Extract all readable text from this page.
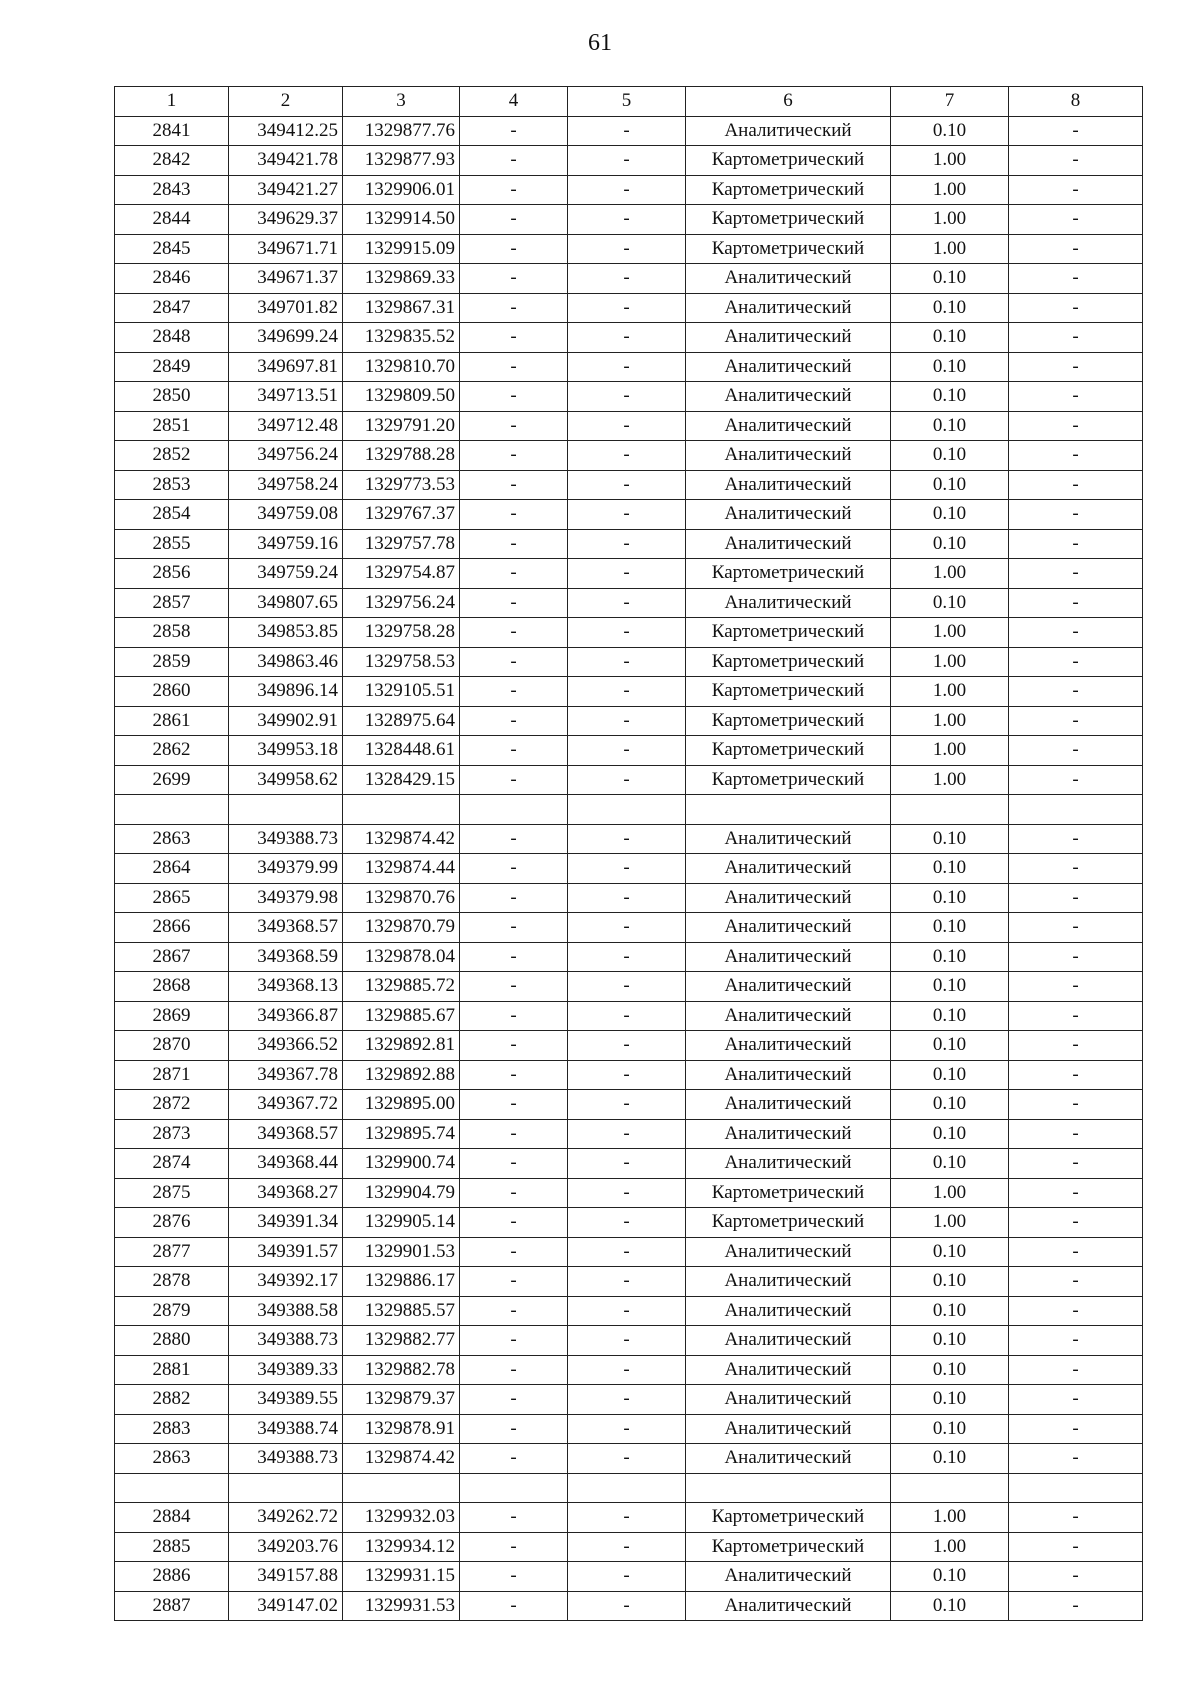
61
1	2	3	4	5	6	7	8
2841	349412.25	1329877.76	-	-	Аналитический	0.10	-
2842	349421.78	1329877.93	-	-	Картометрический	1.00	-
2843	349421.27	1329906.01	-	-	Картометрический	1.00	-
2844	349629.37	1329914.50	-	-	Картометрический	1.00	-
2845	349671.71	1329915.09	-	-	Картометрический	1.00	-
2846	349671.37	1329869.33	-	-	Аналитический	0.10	-
2847	349701.82	1329867.31	-	-	Аналитический	0.10	-
2848	349699.24	1329835.52	-	-	Аналитический	0.10	-
2849	349697.81	1329810.70	-	-	Аналитический	0.10	-
2850	349713.51	1329809.50	-	-	Аналитический	0.10	-
2851	349712.48	1329791.20	-	-	Аналитический	0.10	-
2852	349756.24	1329788.28	-	-	Аналитический	0.10	-
2853	349758.24	1329773.53	-	-	Аналитический	0.10	-
2854	349759.08	1329767.37	-	-	Аналитический	0.10	-
2855	349759.16	1329757.78	-	-	Аналитический	0.10	-
2856	349759.24	1329754.87	-	-	Картометрический	1.00	-
2857	349807.65	1329756.24	-	-	Аналитический	0.10	-
2858	349853.85	1329758.28	-	-	Картометрический	1.00	-
2859	349863.46	1329758.53	-	-	Картометрический	1.00	-
2860	349896.14	1329105.51	-	-	Картометрический	1.00	-
2861	349902.91	1328975.64	-	-	Картометрический	1.00	-
2862	349953.18	1328448.61	-	-	Картометрический	1.00	-
2699	349958.62	1328429.15	-	-	Картометрический	1.00	-

2863	349388.73	1329874.42	-	-	Аналитический	0.10	-
2864	349379.99	1329874.44	-	-	Аналитический	0.10	-
2865	349379.98	1329870.76	-	-	Аналитический	0.10	-
2866	349368.57	1329870.79	-	-	Аналитический	0.10	-
2867	349368.59	1329878.04	-	-	Аналитический	0.10	-
2868	349368.13	1329885.72	-	-	Аналитический	0.10	-
2869	349366.87	1329885.67	-	-	Аналитический	0.10	-
2870	349366.52	1329892.81	-	-	Аналитический	0.10	-
2871	349367.78	1329892.88	-	-	Аналитический	0.10	-
2872	349367.72	1329895.00	-	-	Аналитический	0.10	-
2873	349368.57	1329895.74	-	-	Аналитический	0.10	-
2874	349368.44	1329900.74	-	-	Аналитический	0.10	-
2875	349368.27	1329904.79	-	-	Картометрический	1.00	-
2876	349391.34	1329905.14	-	-	Картометрический	1.00	-
2877	349391.57	1329901.53	-	-	Аналитический	0.10	-
2878	349392.17	1329886.17	-	-	Аналитический	0.10	-
2879	349388.58	1329885.57	-	-	Аналитический	0.10	-
2880	349388.73	1329882.77	-	-	Аналитический	0.10	-
2881	349389.33	1329882.78	-	-	Аналитический	0.10	-
2882	349389.55	1329879.37	-	-	Аналитический	0.10	-
2883	349388.74	1329878.91	-	-	Аналитический	0.10	-
2863	349388.73	1329874.42	-	-	Аналитический	0.10	-

2884	349262.72	1329932.03	-	-	Картометрический	1.00	-
2885	349203.76	1329934.12	-	-	Картометрический	1.00	-
2886	349157.88	1329931.15	-	-	Аналитический	0.10	-
2887	349147.02	1329931.53	-	-	Аналитический	0.10	-
